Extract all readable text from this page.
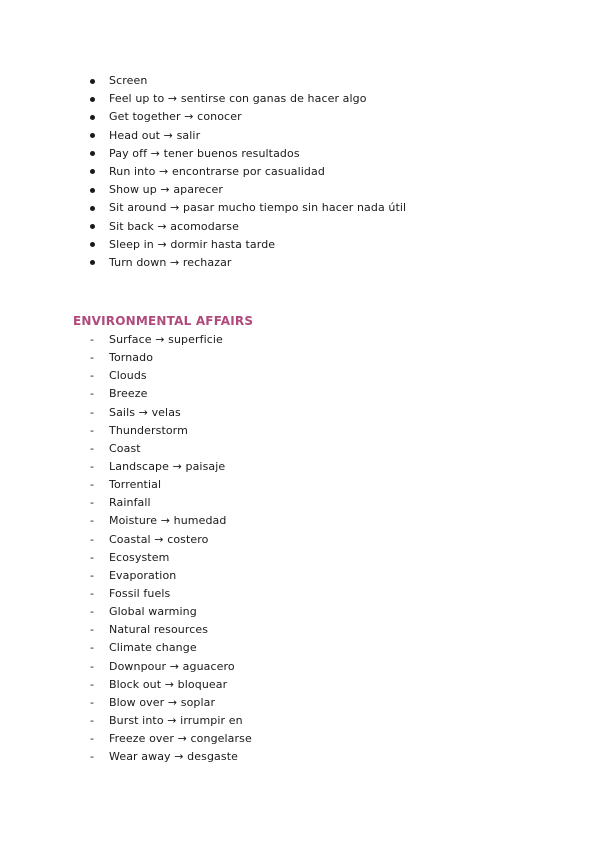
Screen
Feel up to → sentirse con ganas de hacer algo
Get together → conocer
Head out → salir
Pay off → tener buenos resultados
Run into → encontrarse por casualidad
Show up → aparecer
Sit around → pasar mucho tiempo sin hacer nada útil
Sit back → acomodarse
Sleep in → dormir hasta tarde
Turn down → rechazar
ENVIRONMENTAL AFFAIRS
- Surface → superficie
- Tornado
- Clouds
- Breeze
- Sails → velas
- Thunderstorm
- Coast
- Landscape → paisaje
- Torrential
- Rainfall
- Moisture → humedad
- Coastal → costero
- Ecosystem
- Evaporation
- Fossil fuels
- Global warming
- Natural resources
- Climate change
- Downpour → aguacero
- Block out → bloquear
- Blow over → soplar
- Burst into → irrumpir en
- Freeze over → congelarse
- Wear away → desgaste
